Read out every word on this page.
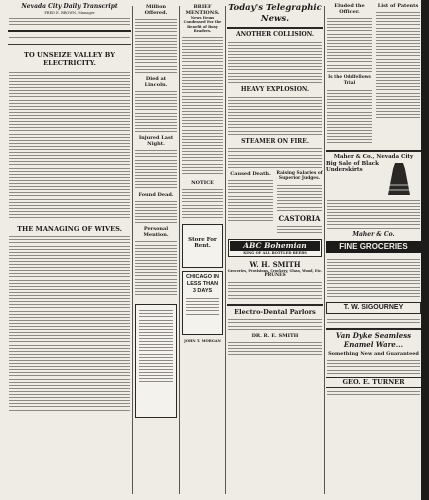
Nevada City Daily Transcript
FRED E. BROWN, Manager
TO UNSEIZE VALLEY BY ELECTRICITY.
THE MANAGING OF WIVES.
Million Offered.
Died at Lincoln.
Injured Last Night.
Found Dead.
Personal Mention.
BRIEF MENTIONS.
News Items Condensed For the Benefit of Busy Readers.
NOTICE
Store For Rent.
CHICAGO IN LESS THAN 3 DAYS
JOHN T. MORGAN
Today's Telegraphic News.
ANOTHER COLLISION.
HEAVY EXPLOSION.
STEAMER ON FIRE.
Caused Death.	Raising Salaries of Superior Judges.
CASTORIA
ABC Bohemian
KING OF ALL BOTTLED BEERS
W. H. SMITH
Groceries, Provisions, Crockery, Glass, Wood, Etc.
PRUNES
Electro-Dental Parlors
DR. R. E. SMITH
Eluded the Officer.
Is the Oddfellows Trial
List of Patents
Maher & Co., Nevada City
Big Sale of Black Underskirts
Maher & Co.
FINE GROCERIES
T. W. SIGOURNEY
Van Dyke Seamless Enamel Ware...
Something New and Guaranteed
GEO. E. TURNER
